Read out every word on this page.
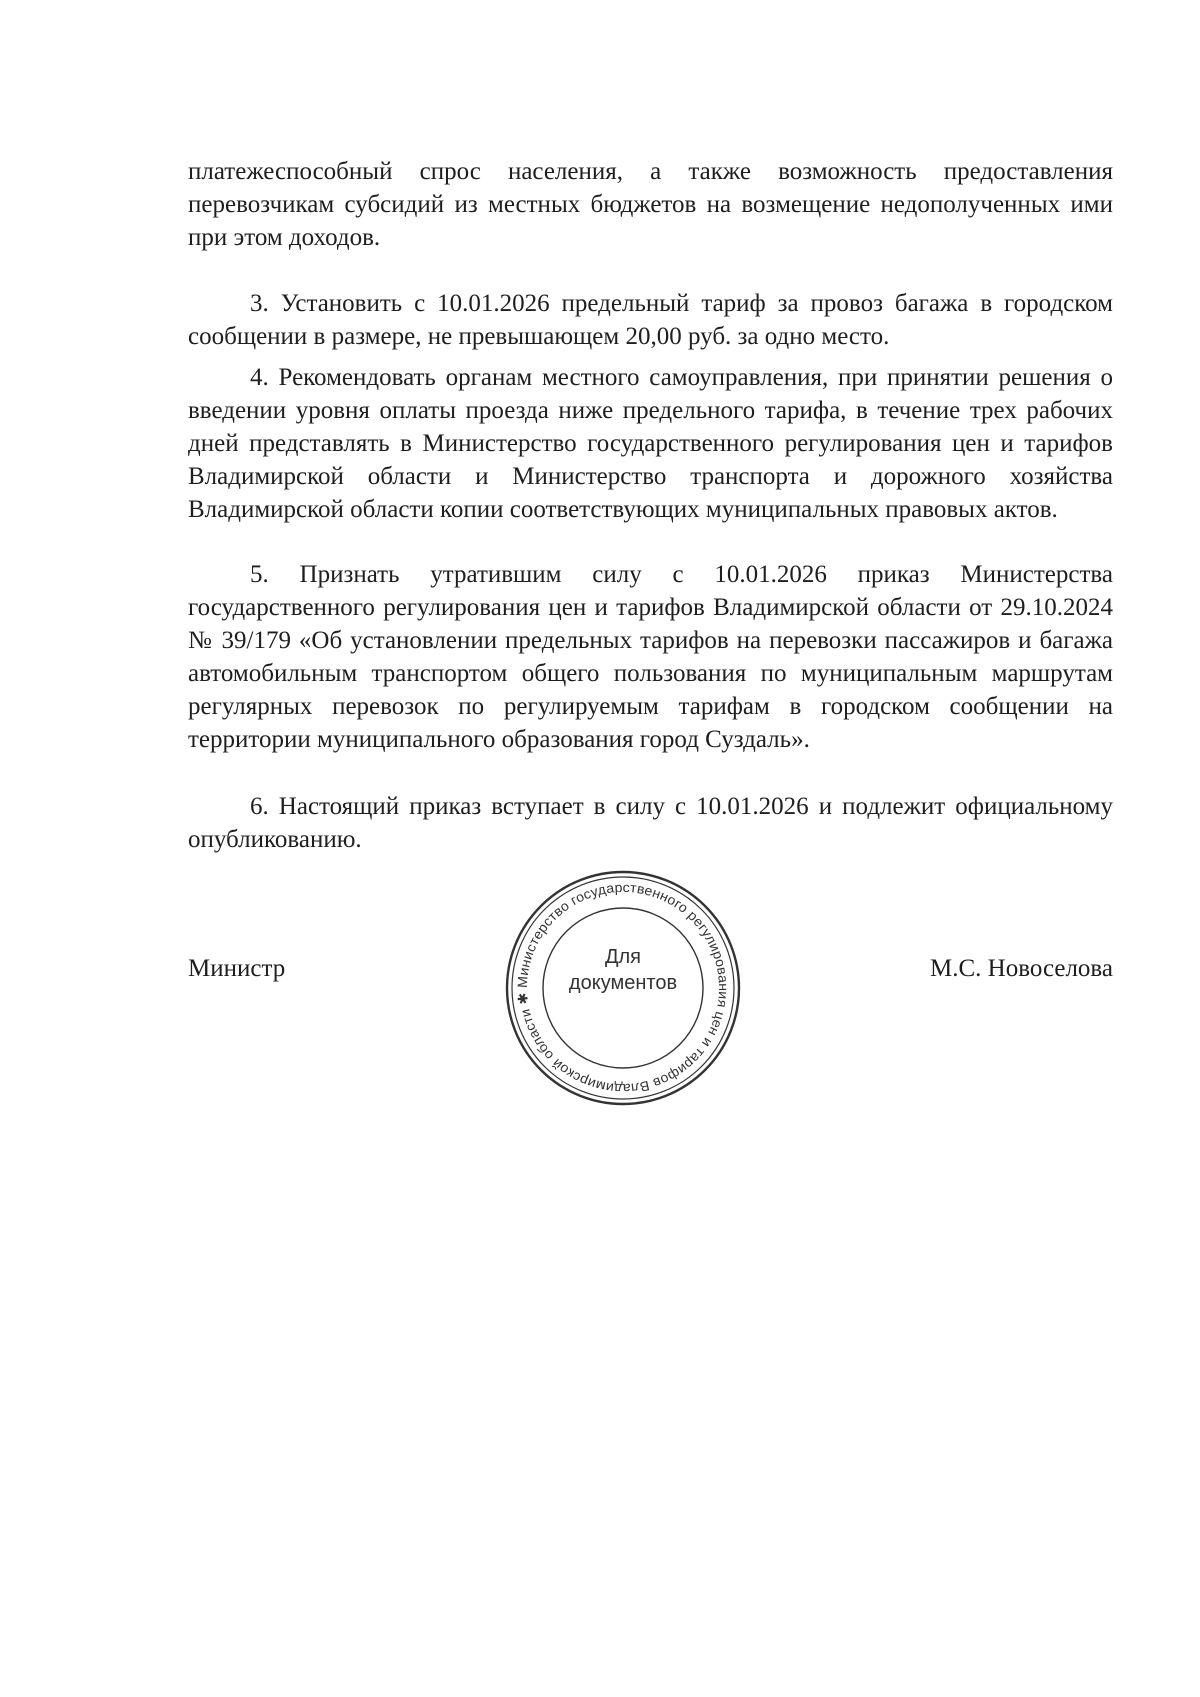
платежеспособный спрос населения, а также возможность предоставления перевозчикам субсидий из местных бюджетов на возмещение недополученных ими при этом доходов.

3. Установить с 10.01.2026 предельный тариф за провоз багажа в городском сообщении в размере, не превышающем 20,00 руб. за одно место.

4. Рекомендовать органам местного самоуправления, при принятии решения о введении уровня оплаты проезда ниже предельного тарифа, в течение трех рабочих дней представлять в Министерство государственного регулирования цен и тарифов Владимирской области и Министерство транспорта и дорожного хозяйства Владимирской области копии соответствующих муниципальных правовых актов.

5. Признать утратившим силу с 10.01.2026 приказ Министерства государственного регулирования цен и тарифов Владимирской области от 29.10.2024 № 39/179 «Об установлении предельных тарифов на перевозки пассажиров и багажа автомобильным транспортом общего пользования по муниципальным маршрутам регулярных перевозок по регулируемым тарифам в городском сообщении на территории муниципального образования город Суздаль».

6. Настоящий приказ вступает в силу с 10.01.2026 и подлежит официальному опубликованию.

Министр	М.С. Новоселова
Министерство государственного регулирования цен и тарифов Владимирской области ✱
Для
документов
